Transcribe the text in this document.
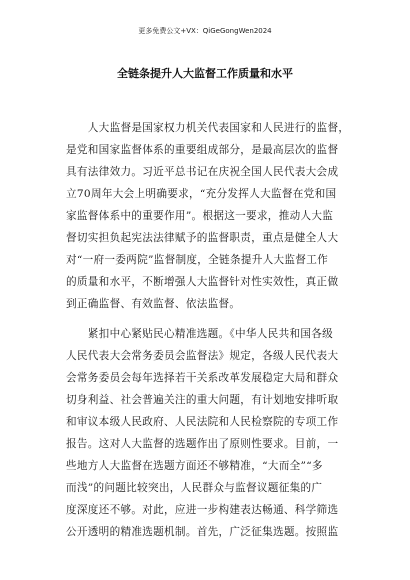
更多免费公文+VX：QiGeGongWen2024
全链条提升人大监督工作质量和水平
　　人大监督是国家权力机关代表国家和人民进行的监督，
是党和国家监督体系的重要组成部分，是最高层次的监督
具有法律效力。习近平总书记在庆祝全国人民代表大会成
立70周年大会上明确要求，“充分发挥人大监督在党和国
家监督体系中的重要作用”。根据这一要求，推动人大监
督切实担负起宪法法律赋予的监督职责，重点是健全人大
对“一府一委两院”监督制度，全链条提升人大监督工作
的质量和水平，不断增强人大监督针对性实效性，真正做
到正确监督、有效监督、依法监督。
　　紧扣中心紧贴民心精准选题。《中华人民共和国各级
人民代表大会常务委员会监督法》规定，各级人民代表大
会常务委员会每年选择若干关系改革发展稳定大局和群众
切身利益、社会普遍关注的重大问题，有计划地安排听取
和审议本级人民政府、人民法院和人民检察院的专项工作
报告。这对人大监督的选题作出了原则性要求。目前，一
些地方人大监督在选题方面还不够精准，“大而全”“多
而浅”的问题比较突出，人民群众与监督议题征集的广
度深度还不够。对此，应进一步构建表达畅通、科学筛选
公开透明的精准选题机制。首先，广泛征集选题。按照监
